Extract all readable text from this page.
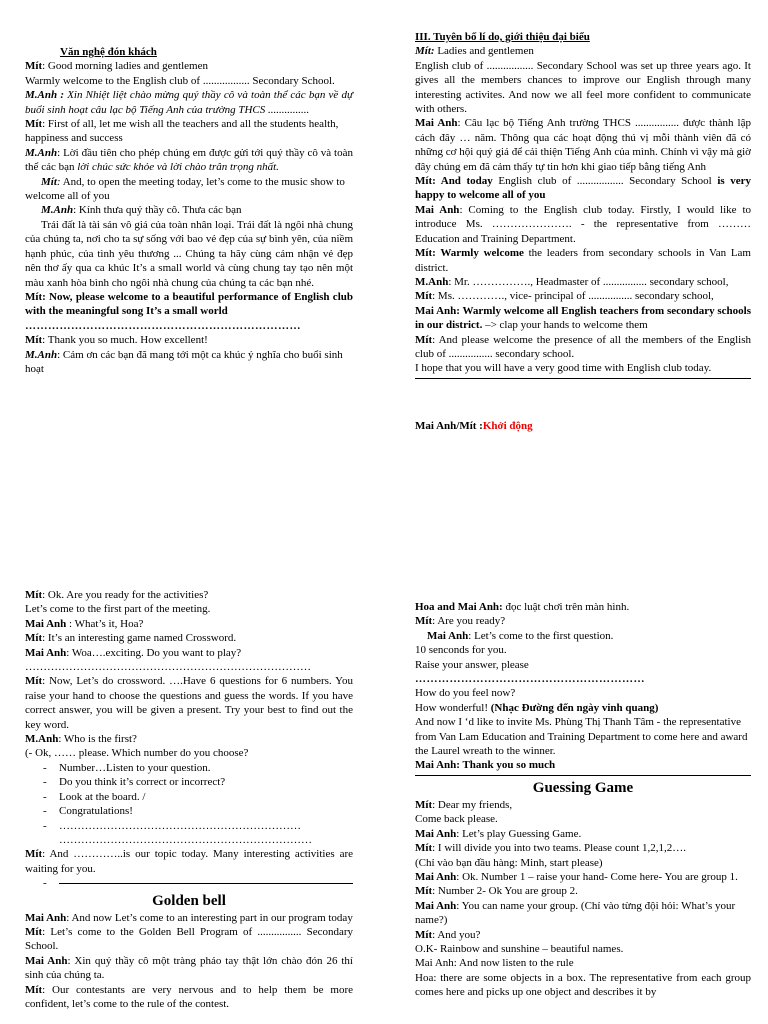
Văn nghệ đón khách

Mít: Good morning ladies and gentlemen

Warmly welcome to the English club of ................. Secondary School.

M.Anh : Xin Nhiệt liệt chào mừng quý thầy cô và toàn thể các bạn về dự buổi sinh hoạt câu lạc bộ Tiếng Anh của trường THCS ...............

Mít: First of all, let me wish all the teachers and all the students health, happiness and success

M.Anh: Lời đầu tiên cho phép chúng em được gửi tới quý thầy cô và toàn thể các bạn lời chúc sức khỏe và lời chào trân trọng nhất.

Mít: And, to open the meeting today, let’s come to the music show to welcome all of you

M.Anh: Kính thưa quý thầy cô. Thưa các bạn

Trái đất là tài sản vô giá của toàn nhân loại. Trái đất là ngôi nhà chung của chúng ta, nơi cho ta sự sống với bao vẻ đẹp của sự bình yên, của niềm hạnh phúc, của tình yêu thương ... Chúng ta hãy cùng cảm nhận vẻ đẹp nên thơ ấy qua ca khúc It’s a small world và cùng chung tay tạo nên một màu xanh hòa bình cho ngôi nhà chung của chúng ta các bạn nhé.

Mít: Now, please welcome to a beautiful performance of English club with the meaningful song It’s a small world

………………………………………………………………

Mít: Thank you so much. How excellent!

M.Anh: Cảm ơn các bạn đã mang tới một ca khúc ý nghĩa cho buổi sinh hoạt

III. Tuyên bố lí do, giới thiệu đại biểu

Mít: Ladies and gentlemen

English club of ................. Secondary School was set up three years ago. It gives all the members chances to improve our English through many interesting activites. And now we all feel more confident to communicate with others.

Mai Anh: Câu lạc bộ Tiếng Anh trường THCS ................ được thành lập cách đây … năm. Thông qua các hoạt động thú vị mỗi thành viên đã có những cơ hội quý giá để cải thiện Tiếng Anh của mình. Chính vì vậy mà giờ đây chúng em đã cảm thấy tự tin hơn khi giao tiếp bằng tiếng Anh

Mít: And today English club of ................. Secondary School is very happy to welcome all of you

Mai Anh: Coming to the English club today. Firstly, I would like to introduce Ms. …………………. - the representative from ……… Education and Training Department.

Mít: Warmly welcome the leaders from secondary schools in Van Lam district.

M.Anh: Mr. ……………., Headmaster of ................ secondary school,

Mít: Ms. …………., vice- principal of ................ secondary school,

Mai Anh: Warmly welcome all English teachers from secondary schools in our district. –> clap your hands to welcome them

Mít: And please welcome the presence of all the members of the English club of ................ secondary school.

I hope that you will have a very good time with English club today.

Mai Anh/Mít :Khởi động

Mít: Ok. Are you ready for the activities?

Let’s come to the first part of the meeting.

Mai Anh : What’s it, Hoa?

Mít: It’s an interesting game named Crossword.

Mai Anh: Woa….exciting. Do you want to play?

……………………………………………………………………

Mít: Now, Let’s do crossword. ….Have 6 questions for 6 numbers. You raise your hand to choose the questions and guess the words. If you have correct answer, you will be given a present. Try your best to find out the key word.

M.Anh: Who is the first?

(- Ok, …… please. Which number do you choose?

- Number…Listen to your question.
- Do you think it’s correct or incorrect?
- Look at the board. /
- Congratulations!
- …………………………………………………………
……………………………………………………………

Mít: And …………..is our topic today. Many interesting activities are waiting for you.

-

Golden bell

Mai Anh: And now Let’s come to an interesting part in our program today

Mít: Let’s come to the Golden Bell Program of ................ Secondary School.

Mai Anh: Xin quý thầy cô một tràng pháo tay thật lớn chào đón 26 thí sinh của chúng ta.

Mít: Our contestants are very nervous and to help them be more confident, let’s come to the rule of the contest.

Hoa and Mai Anh: đọc luật chơi trên màn hình.

Mít: Are you ready?

Mai Anh: Let’s come to the first question.

10 senconds for you.

Raise your answer, please

……………………………………………………

How do you feel now?

How wonderful! (Nhạc Đường đến ngày vinh quang)

And now I ‘d like to invite Ms. Phùng Thị Thanh Tâm - the representative from Van Lam Education and Training Department to come here and award the Laurel wreath to the winner.

Mai Anh: Thank you so much

Guessing Game

Mít: Dear my friends,

Come back please.

Mai Anh: Let’s play Guessing Game.

Mít: I will divide you into two teams. Please count 1,2,1,2….

(Chỉ vào bạn đầu hàng: Minh, start please)

Mai Anh: Ok. Number 1 – raise your hand- Come here- You are group 1.

Mít: Number 2- Ok You are group 2.

Mai Anh: You can name your group. (Chỉ vào từng đội hỏi: What’s your name?)

Mít: And you?

O.K- Rainbow and sunshine – beautiful names.

Mai Anh: And now listen to the rule

Hoa: there are some objects in a box. The representative from each group comes here and picks up one object and describes it by
